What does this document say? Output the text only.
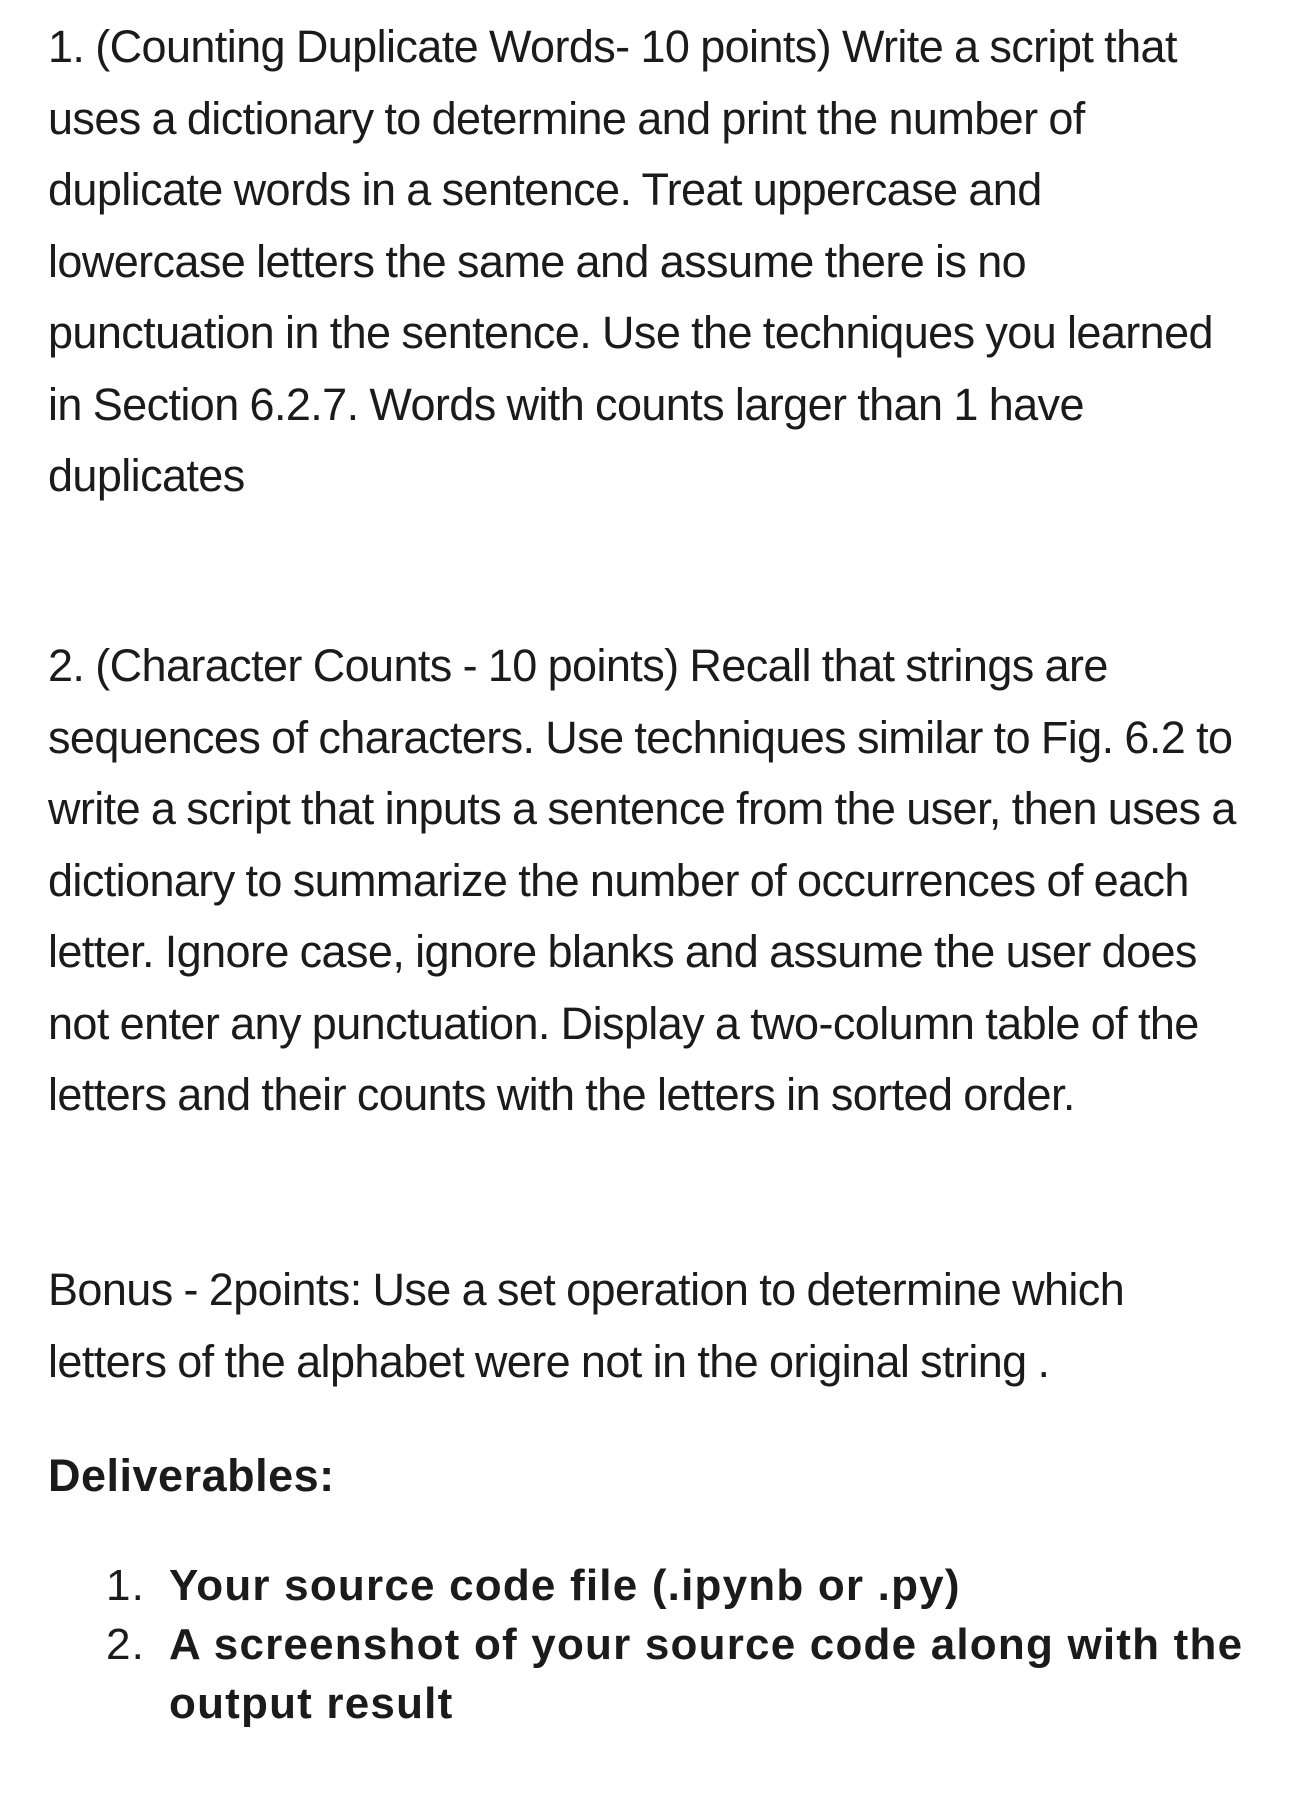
1. (Counting Duplicate Words- 10 points) Write a script that uses a dictionary to determine and print the number of duplicate words in a sentence. Treat uppercase and lowercase letters the same and assume there is no punctuation in the sentence. Use the techniques you learned in Section 6.2.7. Words with counts larger than 1 have duplicates

2. (Character Counts - 10 points) Recall that strings are sequences of characters. Use techniques similar to Fig. 6.2 to write a script that inputs a sentence from the user, then uses a dictionary to summarize the number of occurrences of each letter. Ignore case, ignore blanks and assume the user does not enter any punctuation. Display a two-column table of the letters and their counts with the letters in sorted order.

Bonus - 2points: Use a set operation to determine which letters of the alphabet were not in the original string .

Deliverables:

1. Your source code file (.ipynb or .py)
2. A screenshot of your source code along with the output result
